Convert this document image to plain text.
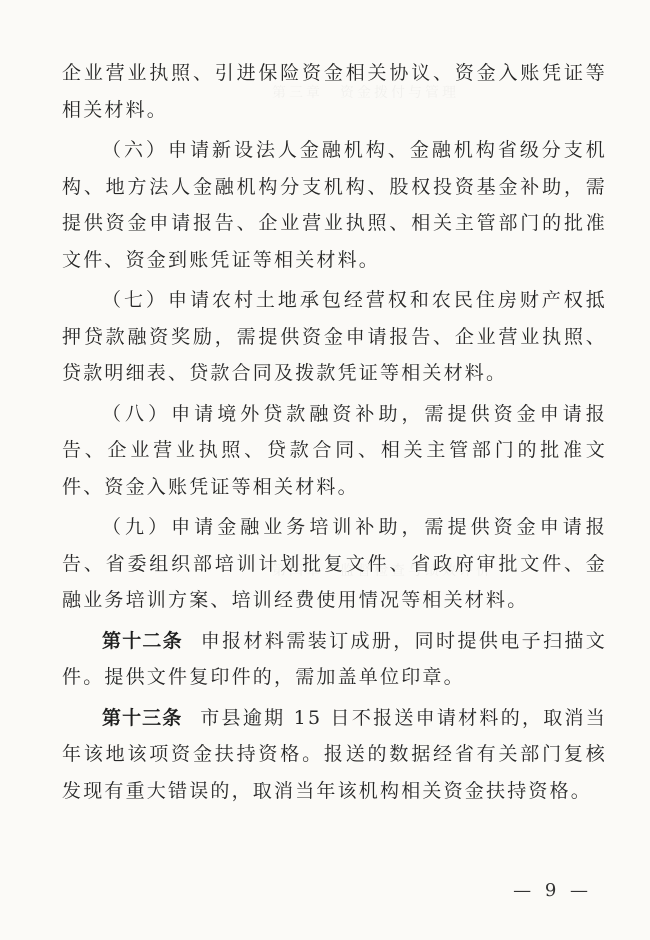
企业营业执照、引进保险资金相关协议、资金入账凭证等相关材料。

（六）申请新设法人金融机构、金融机构省级分支机构、地方法人金融机构分支机构、股权投资基金补助，需提供资金申请报告、企业营业执照、相关主管部门的批准文件、资金到账凭证等相关材料。

（七）申请农村土地承包经营权和农民住房财产权抵押贷款融资奖励，需提供资金申请报告、企业营业执照、贷款明细表、贷款合同及拨款凭证等相关材料。

（八）申请境外贷款融资补助，需提供资金申请报告、企业营业执照、贷款合同、相关主管部门的批准文件、资金入账凭证等相关材料。

（九）申请金融业务培训补助，需提供资金申请报告、省委组织部培训计划批复文件、省政府审批文件、金融业务培训方案、培训经费使用情况等相关材料。

第十二条 申报材料需装订成册，同时提供电子扫描文件。提供文件复印件的，需加盖单位印章。

第十三条 市县逾期 15 日不报送申请材料的，取消当年该地该项资金扶持资格。报送的数据经省有关部门复核发现有重大错误的，取消当年该机构相关资金扶持资格。

— 9 —
